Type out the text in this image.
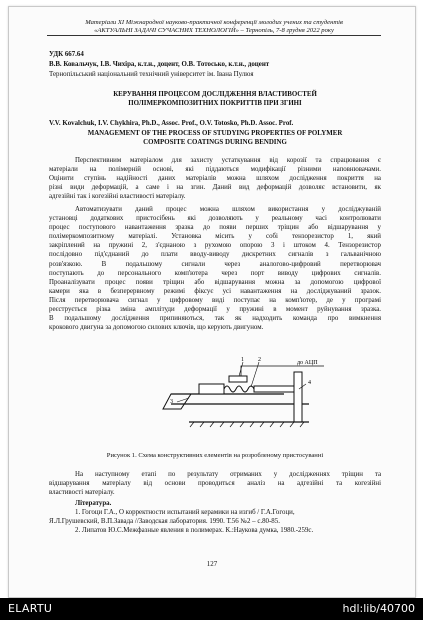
Матеріали ХІ Міжнародної науково-практичної конференції молодих учених та студентів
«АКТУАЛЬНІ ЗАДАЧІ СУЧАСНИХ ТЕХНОЛОГІЙ» – Тернопіль, 7-8 грудня 2022 року
УДК 667.64
В.В. Ковальчук, І.В. Чихіра, к.т.н., доцент, О.В. Тотосько, к.т.н., доцент
Тернопільський національний технічний університет ім. Івана Пулюя
КЕРУВАННЯ ПРОЦЕСОМ ДОСЛІДЖЕННЯ ВЛАСТИВОСТЕЙ
ПОЛІМЕРКОМПОЗИТНИХ ПОКРИТТІВ ПРИ ЗГИНІ
V.V. Kovalchuk, I.V. Chykhira, Ph.D., Assoc. Prof., O.V. Totosko, Ph.D. Assoc. Prof.
MANAGEMENT OF THE PROCESS OF STUDYING PROPERTIES OF POLYMER
COMPOSITE COATINGS DURING BENDING
Перспективним матеріалом для захисту устаткування від корозії та спрацювання є
матеріали на полімерній основі, які піддаються модифікації різними наповнювачами.
Оцінити ступінь надійності даних матеріалів можна шляхом дослідження покриття на
різні види деформацій, а саме і на згин. Даний вид деформацій дозволяє встановити, як
адгезійні так і когезійні властивості матеріалу.
Автоматизувати даний процес можна шляхом використання у досліджуваній
установці додаткових пристосібень які дозволяють у реальному часі контролювати
процес поступового навантаження зразка до появи перших тріщин або відшарування у
полімеркомпозитному матеріалі. Установка місить у собі тензорезистор 1, який
закріплений на пружині 2, з'єднаною з рухомою опорою 3 і штоком 4. Тензорезистор
послідовно під'єднаний до плати вводу-виводу дискретних сигналів з гальванічною
розв'язкою. В подальшому сигнали через аналогово-цифровий перетворювач
поступають до персонального комп'ютера через порт виводу цифрових сигналів.
Проаналізувати процес появи тріщин або відшарування можна за допомогою цифрової
камери яка в безперервному режимі фіксує усі навантаження на досліджуваний зразок.
Після перетворювача сигнал у цифровому виді поступає на комп'ютер, де у програмі
реєструється різка зміна амплітуди деформації у пружині в момент руйнування зразка.
В подальшому дослідження припиняються, так як надходить команда про вимкнення
крокового двигуна за допомогою силових ключів, що керують двигуном.
1 2
3
4
до АЦП
Рисунок 1. Схема конструктивних елементів на розробленому пристосуванні
На наступному етапі по результату отриманих у дослідженнях тріщин та
відшарування матеріалу від основи проводиться аналіз на адгезійні та когезійні
властивості матеріалу.
Література.
1. Гогоци Г.А., О корректности испытаний керамики на изгиб / Г.А.Гогоци,
Я.Л.Грушевский, В.П.Завада //Заводская лаборатория. 1990. Т.56 №2 – с.80-85.
2. Липатов Ю.С.Межфазные явления в полимерах. К.:Наукова думка, 1980.-259с.
127
ELARTU	hdl:lib/40700
